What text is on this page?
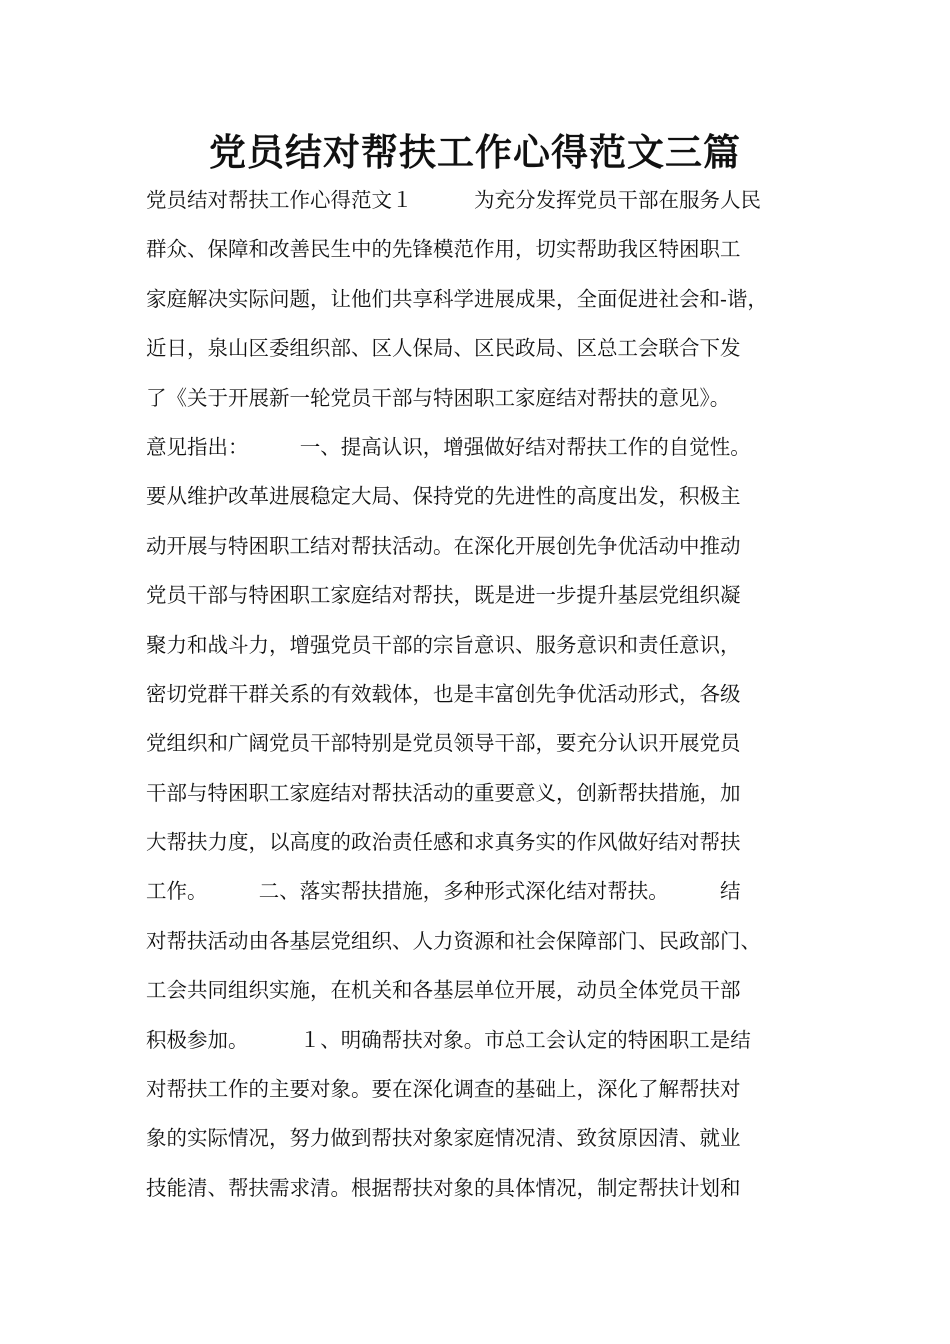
党员结对帮扶工作心得范文三篇
党员结对帮扶工作心得范文１　　　为充分发挥党员干部在服务人民
群众、保障和改善民生中的先锋模范作用，切实帮助我区特困职工
家庭解决实际问题，让他们共享科学进展成果，全面促进社会和-谐，
近日，泉山区委组织部、区人保局、区民政局、区总工会联合下发
了《关于开展新一轮党员干部与特困职工家庭结对帮扶的意见》。
意见指出：　　　一、提高认识，增强做好结对帮扶工作的自觉性。
要从维护改革进展稳定大局、保持党的先进性的高度出发，积极主
动开展与特困职工结对帮扶活动。在深化开展创先争优活动中推动
党员干部与特困职工家庭结对帮扶，既是进一步提升基层党组织凝
聚力和战斗力，增强党员干部的宗旨意识、服务意识和责任意识，
密切党群干群关系的有效载体，也是丰富创先争优活动形式，各级
党组织和广阔党员干部特别是党员领导干部，要充分认识开展党员
干部与特困职工家庭结对帮扶活动的重要意义，创新帮扶措施，加
大帮扶力度，以高度的政治责任感和求真务实的作风做好结对帮扶
工作。　　　二、落实帮扶措施，多种形式深化结对帮扶。　　　结
对帮扶活动由各基层党组织、人力资源和社会保障部门、民政部门、
工会共同组织实施，在机关和各基层单位开展，动员全体党员干部
积极参加。　　　１、明确帮扶对象。市总工会认定的特困职工是结
对帮扶工作的主要对象。要在深化调查的基础上，深化了解帮扶对
象的实际情况，努力做到帮扶对象家庭情况清、致贫原因清、就业
技能清、帮扶需求清。根据帮扶对象的具体情况，制定帮扶计划和
